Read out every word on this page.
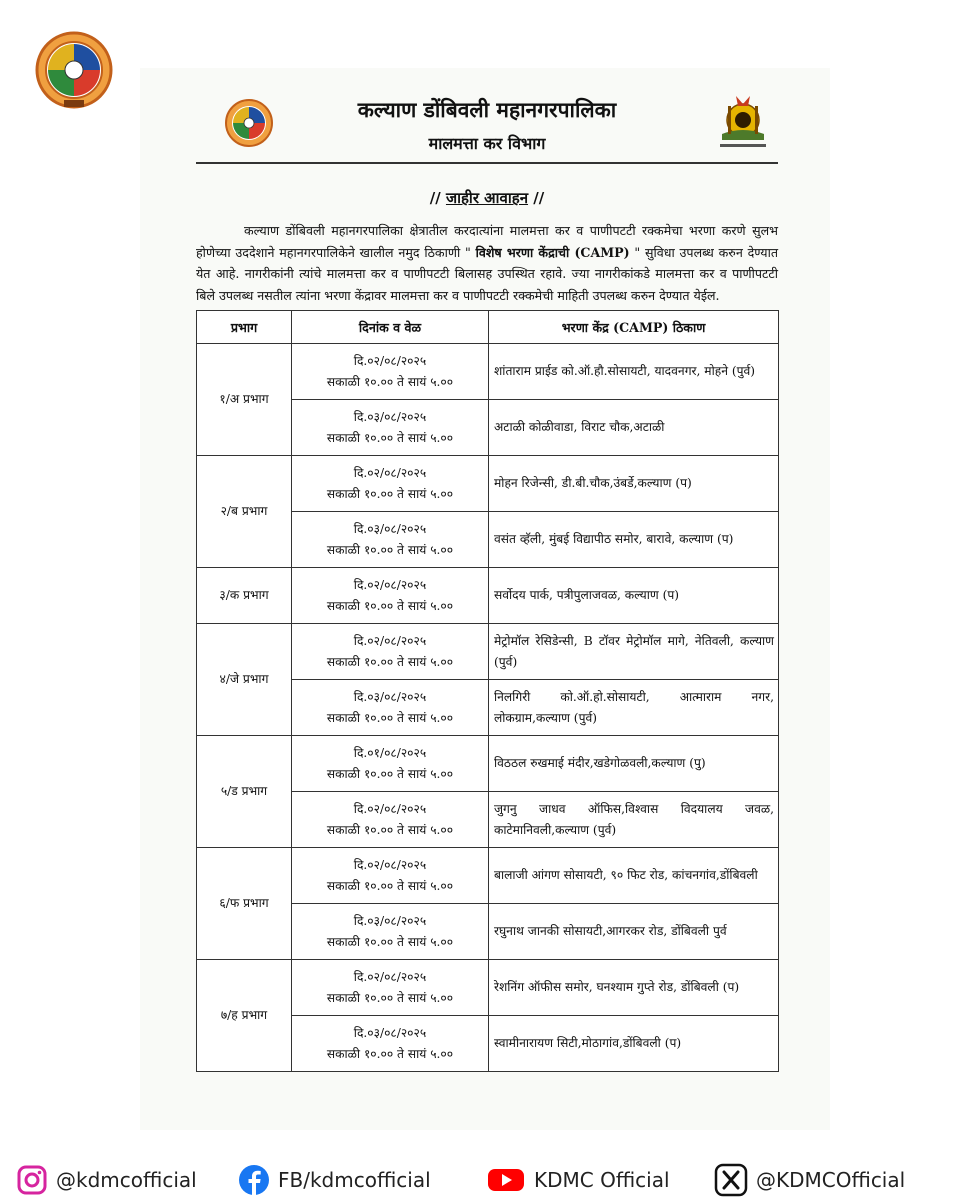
कल्याण डोंबिवली महानगरपालिका
मालमत्ता कर विभाग
// जाहीर आवाहन //
कल्याण डोंबिवली महानगरपालिका क्षेत्रातील करदात्यांना मालमत्ता कर व पाणीपटटी रक्कमेचा भरणा करणे सुलभ होणेच्या उददेशाने महानगरपालिकेने खालील नमुद ठिकाणी " विशेष भरणा केंद्राची (CAMP) " सुविधा उपलब्ध करुन देण्यात येत आहे. नागरीकांनी त्यांचे मालमत्ता कर व पाणीपटटी बिलासह उपस्थित रहावे. ज्या नागरीकांकडे मालमत्ता कर व पाणीपटटी बिले उपलब्ध नसतील त्यांना भरणा केंद्रावर मालमत्ता कर व पाणीपटटी रक्कमेची माहिती उपलब्ध करुन देण्यात येईल.
प्रभाग	दिनांक व वेळ	भरणा केंद्र (CAMP) ठिकाण
१/अ प्रभाग	दि.०२/०८/२०२५
सकाळी १०.०० ते सायं ५.००	शांताराम प्राईड को.ऑ.हौ.सोसायटी, यादवनगर, मोहने (पुर्व)

	दि.०३/०८/२०२५
सकाळी १०.०० ते सायं ५.००	अटाळी कोळीवाडा, विराट चौक,अटाळी
२/ब प्रभाग	दि.०२/०८/२०२५
सकाळी १०.०० ते सायं ५.००	मोहन रिजेन्सी, डी.बी.चौक,उंबर्डे,कल्याण (प)

	दि.०३/०८/२०२५
सकाळी १०.०० ते सायं ५.००	वसंत व्हॅली, मुंबई विद्यापीठ समोर, बारावे, कल्याण (प)
३/क प्रभाग	दि.०२/०८/२०२५
सकाळी १०.०० ते सायं ५.००	सर्वोदय पार्क, पत्रीपुलाजवळ, कल्याण (प)
४/जे प्रभाग	दि.०२/०८/२०२५
सकाळी १०.०० ते सायं ५.००	मेट्रोमॉल रेसिडेन्सी, B टॉवर मेट्रोमॉल मागे, नेतिवली, कल्याण (पुर्व)

	दि.०३/०८/२०२५
सकाळी १०.०० ते सायं ५.००	निलगिरी को.ऑ.हो.सोसायटी, आत्माराम नगर, लोकग्राम,कल्याण (पुर्व)
५/ड प्रभाग	दि.०१/०८/२०२५
सकाळी १०.०० ते सायं ५.००	विठठल रुखमाई मंदीर,खडेगोळवली,कल्याण (पु)

	दि.०२/०८/२०२५
सकाळी १०.०० ते सायं ५.००	जुगनु जाधव ऑफिस,विश्वास विदयालय जवळ, काटेमानिवली,कल्याण (पुर्व)
६/फ प्रभाग	दि.०२/०८/२०२५
सकाळी १०.०० ते सायं ५.००	बालाजी आंगण सोसायटी, ९० फिट रोड, कांचनगांव,डोंबिवली

	दि.०३/०८/२०२५
सकाळी १०.०० ते सायं ५.००	रघुनाथ जानकी सोसायटी,आगरकर रोड, डोंबिवली पुर्व
७/ह प्रभाग	दि.०२/०८/२०२५
सकाळी १०.०० ते सायं ५.००	रेशनिंग ऑफीस समोर, घनश्याम गुप्ते रोड, डोंबिवली (प)

	दि.०३/०८/२०२५
सकाळी १०.०० ते सायं ५.००	स्वामीनारायण सिटी,मोठागांव,डोंबिवली (प)
@kdmcofficial	FB/kdmcofficial	KDMC Official	@KDMCOfficial
